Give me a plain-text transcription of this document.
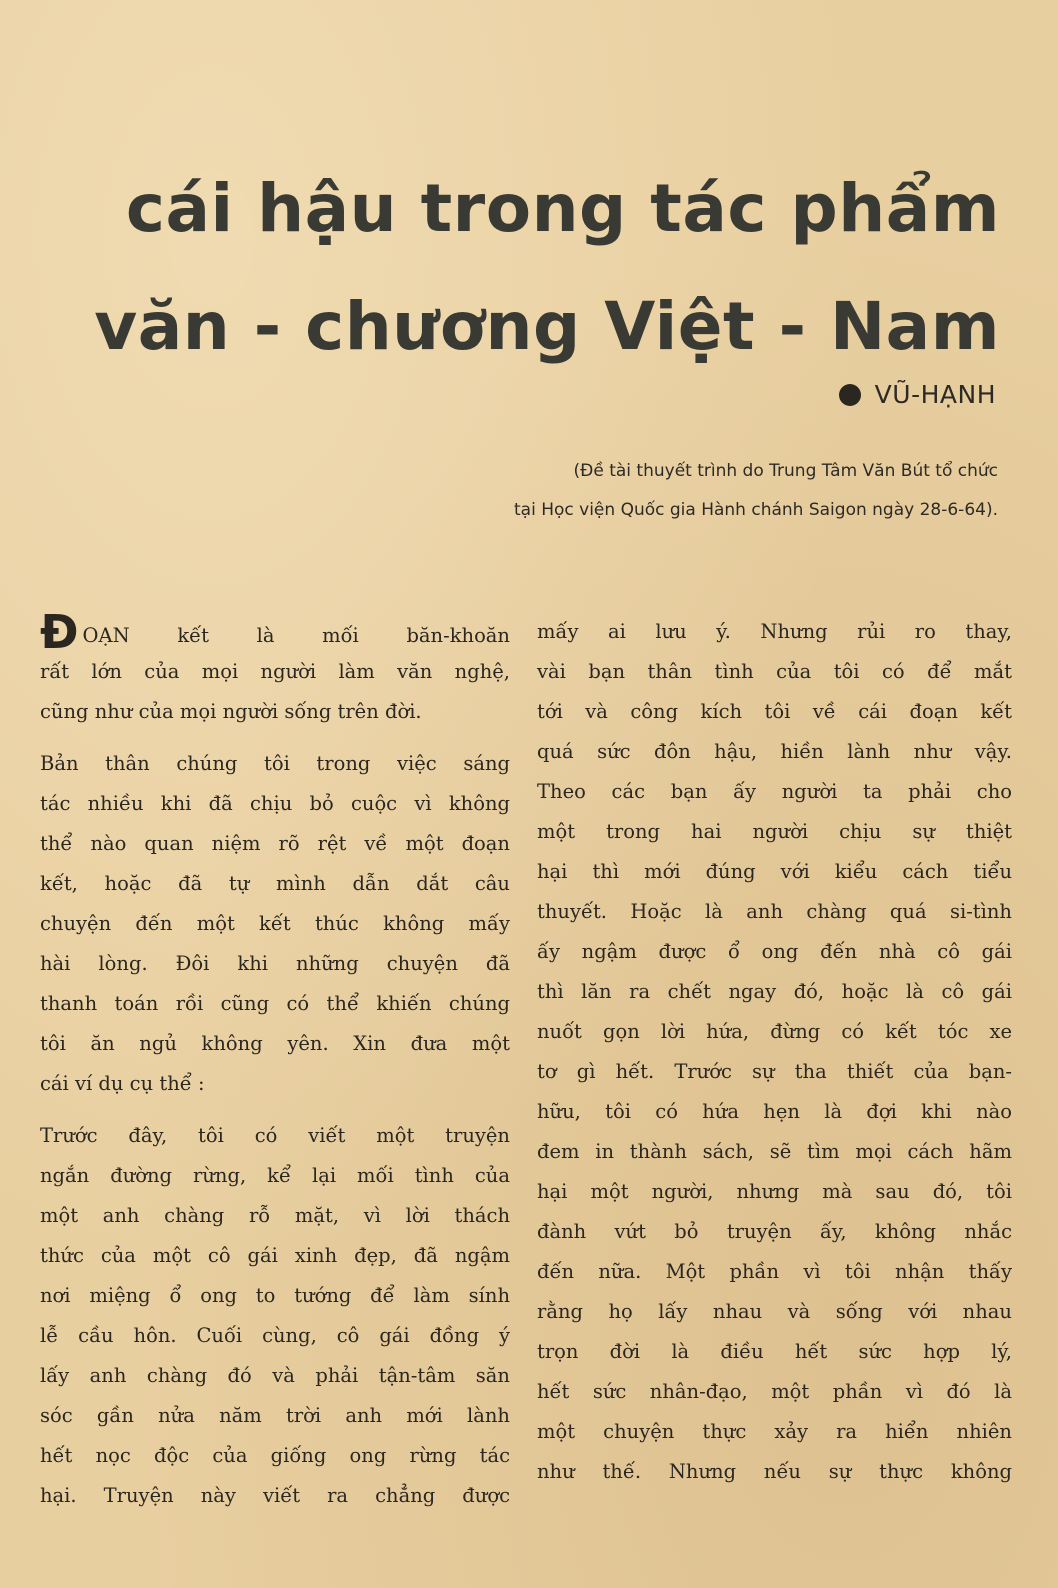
cái hậu trong tác phẩm
văn - chương Việt - Nam
VŨ-HẠNH
(Đề tài thuyết trình do Trung Tâm Văn Bút tổ chức
tại Học viện Quốc gia Hành chánh Saigon ngày 28-6-64).
ĐOẠN kết là mối băn-khoăn
rất lớn của mọi người làm văn nghệ,
cũng như của mọi người sống trên đời.
Bản thân chúng tôi trong việc sáng
tác nhiều khi đã chịu bỏ cuộc vì không
thể nào quan niệm rõ rệt về một đoạn
kết, hoặc đã tự mình dẫn dắt câu
chuyện đến một kết thúc không mấy
hài lòng. Đôi khi những chuyện đã
thanh toán rồi cũng có thể khiến chúng
tôi ăn ngủ không yên. Xin đưa một
cái ví dụ cụ thể :
Trước đây, tôi có viết một truyện
ngắn đường rừng, kể lại mối tình của
một anh chàng rỗ mặt, vì lời thách
thức của một cô gái xinh đẹp, đã ngậm
nơi miệng ổ ong to tướng để làm sính
lễ cầu hôn. Cuối cùng, cô gái đồng ý
lấy anh chàng đó và phải tận-tâm săn
sóc gần nửa năm trời anh mới lành
hết nọc độc của giống ong rừng tác
hại. Truyện này viết ra chẳng được
mấy ai lưu ý. Nhưng rủi ro thay,
vài bạn thân tình của tôi có để mắt
tới và công kích tôi về cái đoạn kết
quá sức đôn hậu, hiền lành như vậy.
Theo các bạn ấy người ta phải cho
một trong hai người chịu sự thiệt
hại thì mới đúng với kiểu cách tiểu
thuyết. Hoặc là anh chàng quá si-tình
ấy ngậm được ổ ong đến nhà cô gái
thì lăn ra chết ngay đó, hoặc là cô gái
nuốt gọn lời hứa, đừng có kết tóc xe
tơ gì hết. Trước sự tha thiết của bạn-
hữu, tôi có hứa hẹn là đợi khi nào
đem in thành sách, sẽ tìm mọi cách hãm
hại một người, nhưng mà sau đó, tôi
đành vứt bỏ truyện ấy, không nhắc
đến nữa. Một phần vì tôi nhận thấy
rằng họ lấy nhau và sống với nhau
trọn đời là điều hết sức hợp lý,
hết sức nhân-đạo, một phần vì đó là
một chuyện thực xảy ra hiển nhiên
như thế. Nhưng nếu sự thực không
